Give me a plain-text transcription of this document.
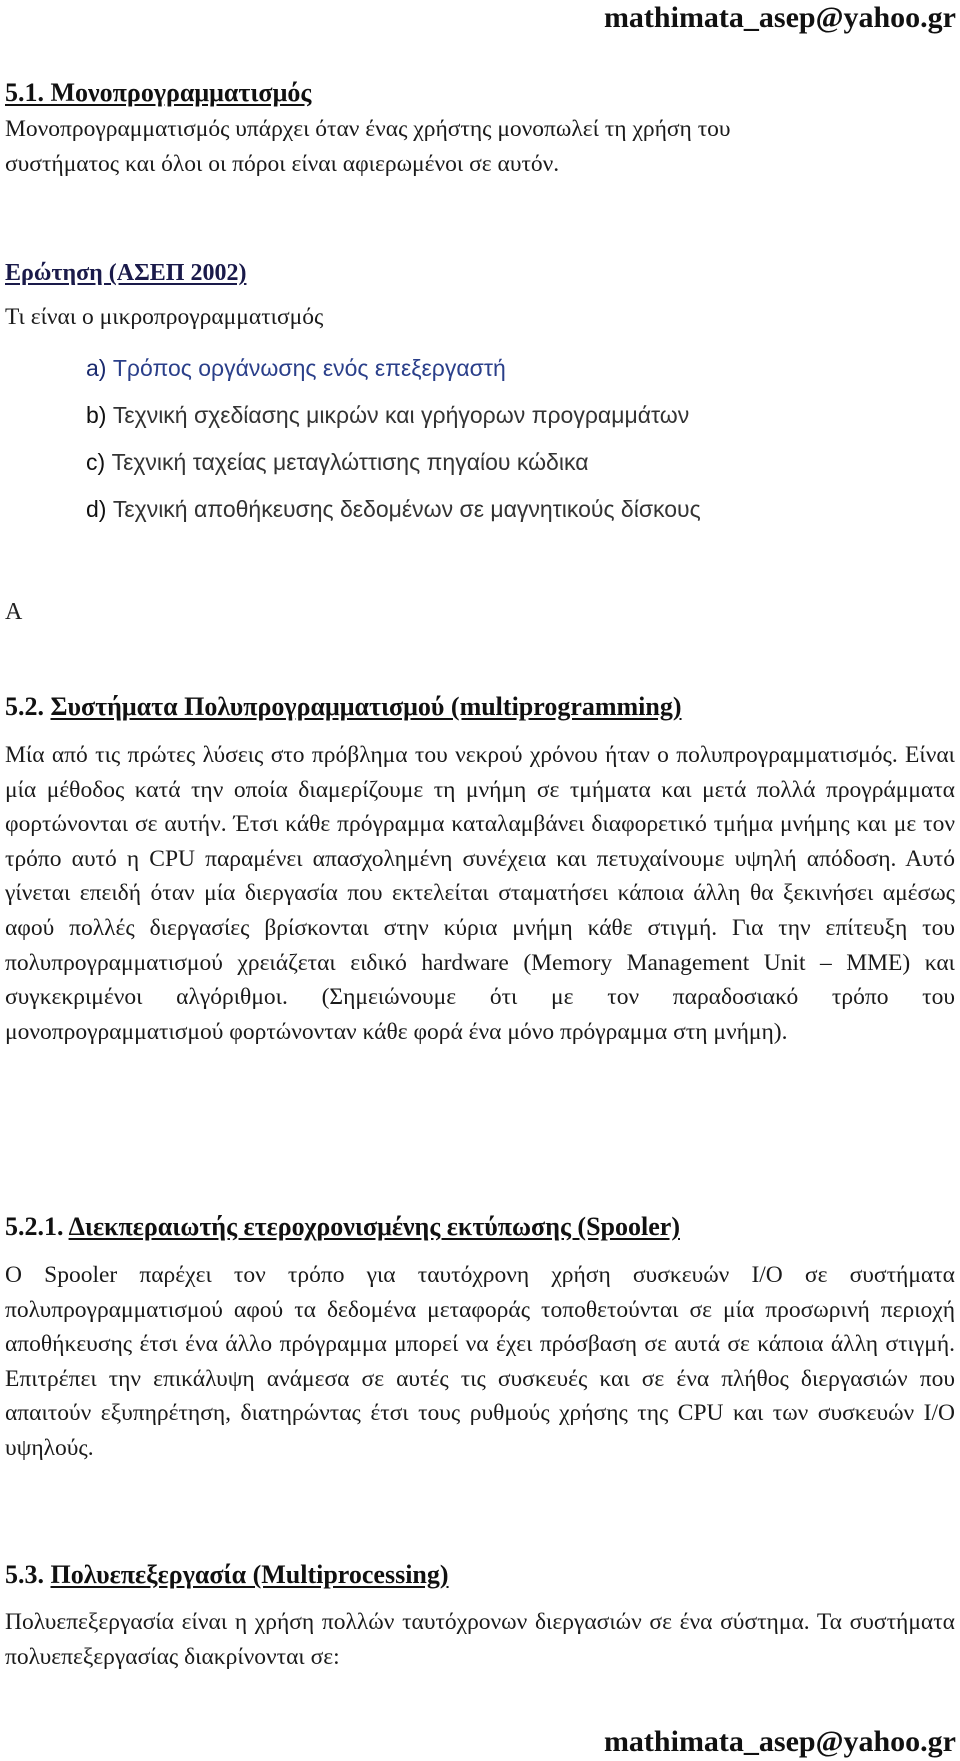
mathimata_asep@yahoo.gr
5.1. Μονοπρογραμματισμός
Μονοπρογραμματισμός υπάρχει όταν ένας χρήστης μονοπωλεί τη χρήση του
συστήματος και όλοι οι πόροι είναι αφιερωμένοι σε αυτόν.
Ερώτηση (ΑΣΕΠ 2002)
Τι είναι ο μικροπρογραμματισμός
a) Τρόπος οργάνωσης ενός επεξεργαστή
b) Τεχνική σχεδίασης μικρών και γρήγορων προγραμμάτων
c) Τεχνική ταχείας μεταγλώττισης πηγαίου κώδικα
d) Τεχνική αποθήκευσης δεδομένων σε μαγνητικούς δίσκους
Α
5.2. Συστήματα Πολυπρογραμματισμού (multiprogramming)
Μία από τις πρώτες λύσεις στο πρόβλημα του νεκρού χρόνου ήταν ο πολυπρογραμματισμός. Είναι μία μέθοδος κατά την οποία διαμερίζουμε τη μνήμη σε τμήματα και μετά πολλά προγράμματα φορτώνονται σε αυτήν. Έτσι κάθε πρόγραμμα καταλαμβάνει διαφορετικό τμήμα μνήμης και με τον τρόπο αυτό η CPU παραμένει απασχολημένη συνέχεια και πετυχαίνουμε υψηλή απόδοση. Αυτό γίνεται επειδή όταν μία διεργασία που εκτελείται σταματήσει κάποια άλλη θα ξεκινήσει αμέσως αφού πολλές διεργασίες βρίσκονται στην κύρια μνήμη κάθε στιγμή. Για την επίτευξη του πολυπρογραμματισμού χρειάζεται ειδικό hardware (Memory Management Unit – MME) και συγκεκριμένοι αλγόριθμοι. (Σημειώνουμε ότι με τον παραδοσιακό τρόπο του μονοπρογραμματισμού φορτώνονταν κάθε φορά ένα μόνο πρόγραμμα στη μνήμη).
5.2.1. Διεκπεραιωτής ετεροχρονισμένης εκτύπωσης (Spooler)
Ο Spooler παρέχει τον τρόπο για ταυτόχρονη χρήση συσκευών I/O σε συστήματα πολυπρογραμματισμού αφού τα δεδομένα μεταφοράς τοποθετούνται σε μία προσωρινή περιοχή αποθήκευσης έτσι ένα άλλο πρόγραμμα μπορεί να έχει πρόσβαση σε αυτά σε κάποια άλλη στιγμή. Επιτρέπει την επικάλυψη ανάμεσα σε αυτές τις συσκευές και σε ένα πλήθος διεργασιών που απαιτούν εξυπηρέτηση, διατηρώντας έτσι τους ρυθμούς χρήσης της CPU και των συσκευών I/O υψηλούς.
5.3. Πολυεπεξεργασία (Multiprocessing)
Πολυεπεξεργασία είναι η χρήση πολλών ταυτόχρονων διεργασιών σε ένα σύστημα. Τα συστήματα πολυεπεξεργασίας διακρίνονται σε:
mathimata_asep@yahoo.gr
